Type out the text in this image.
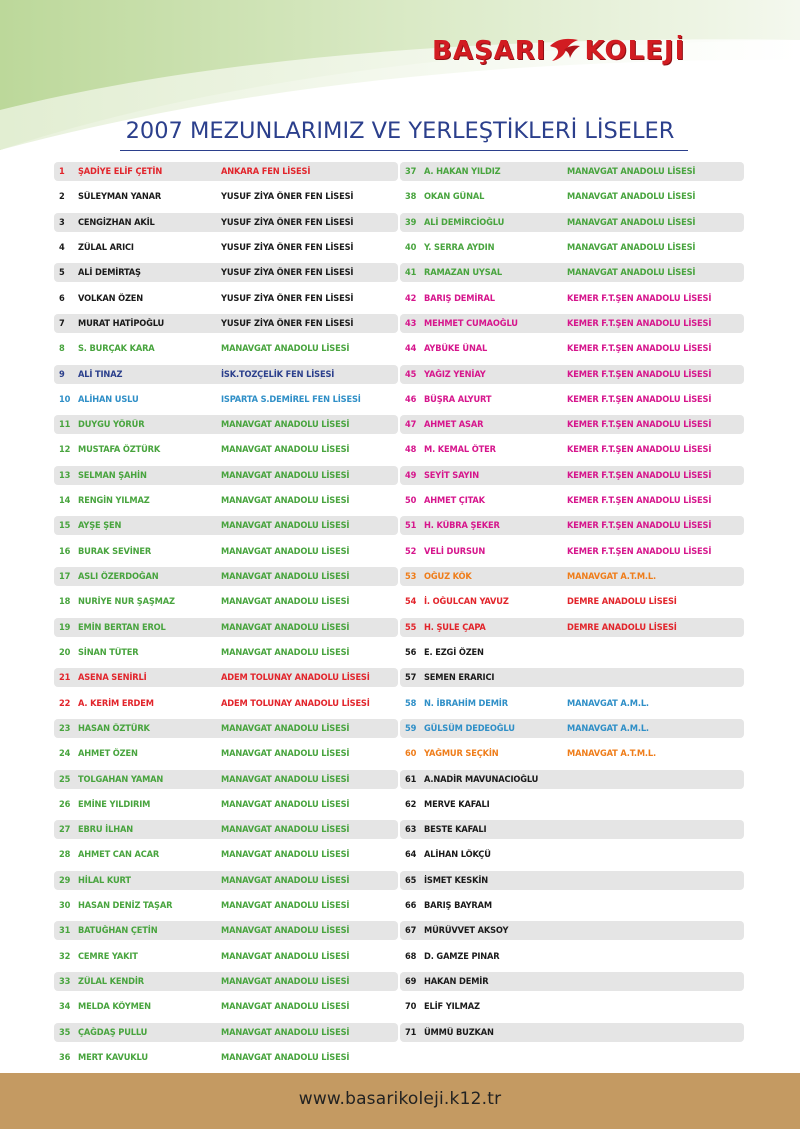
BAŞARI KOLEJİ
2007 MEZUNLARIMIZ VE YERLEŞTİKLERİ LİSELER
1	ŞADİYE ELİF ÇETİN	ANKARA FEN LİSESİ
2	SÜLEYMAN YANAR	YUSUF ZİYA ÖNER FEN LİSESİ
3	CENGİZHAN AKİL	YUSUF ZİYA ÖNER FEN LİSESİ
4	ZÜLAL ARICI	YUSUF ZİYA ÖNER FEN LİSESİ
5	ALİ DEMİRTAŞ	YUSUF ZİYA ÖNER FEN LİSESİ
6	VOLKAN ÖZEN	YUSUF ZİYA ÖNER FEN LİSESİ
7	MURAT HATİPOĞLU	YUSUF ZİYA ÖNER FEN LİSESİ
8	S. BURÇAK KARA	MANAVGAT ANADOLU LİSESİ
9	ALİ TINAZ	İSK.TOZÇELİK FEN LİSESİ
10 ALİHAN USLU	ISPARTA S.DEMİREL FEN LİSESİ
11 DUYGU YÖRÜR	MANAVGAT ANADOLU LİSESİ
12 MUSTAFA ÖZTÜRK	MANAVGAT ANADOLU LİSESİ
13 SELMAN ŞAHİN	MANAVGAT ANADOLU LİSESİ
14 RENGİN YILMAZ	MANAVGAT ANADOLU LİSESİ
15 AYŞE ŞEN	MANAVGAT ANADOLU LİSESİ
16 BURAK SEVİNER	MANAVGAT ANADOLU LİSESİ
17 ASLI ÖZERDOĞAN	MANAVGAT ANADOLU LİSESİ
18 NURİYE NUR ŞAŞMAZ	MANAVGAT ANADOLU LİSESİ
19 EMİN BERTAN EROL	MANAVGAT ANADOLU LİSESİ
20 SİNAN TÜTER	MANAVGAT ANADOLU LİSESİ
21 ASENA SENİRLİ	ADEM TOLUNAY ANADOLU LİSESİ
22 A. KERİM ERDEM	ADEM TOLUNAY ANADOLU LİSESİ
23 HASAN ÖZTÜRK	MANAVGAT ANADOLU LİSESİ
24 AHMET ÖZEN	MANAVGAT ANADOLU LİSESİ
25 TOLGAHAN YAMAN	MANAVGAT ANADOLU LİSESİ
26 EMİNE YILDIRIM	MANAVGAT ANADOLU LİSESİ
27 EBRU İLHAN	MANAVGAT ANADOLU LİSESİ
28 AHMET CAN ACAR	MANAVGAT ANADOLU LİSESİ
29 HİLAL KURT	MANAVGAT ANADOLU LİSESİ
30 HASAN DENİZ TAŞAR	MANAVGAT ANADOLU LİSESİ
31 BATUĞHAN ÇETİN	MANAVGAT ANADOLU LİSESİ
32 CEMRE YAKIT	MANAVGAT ANADOLU LİSESİ
33 ZÜLAL KENDİR	MANAVGAT ANADOLU LİSESİ
34 MELDA KÖYMEN	MANAVGAT ANADOLU LİSESİ
35 ÇAĞDAŞ PULLU	MANAVGAT ANADOLU LİSESİ
36 MERT KAVUKLU	MANAVGAT ANADOLU LİSESİ
37 A. HAKAN YILDIZ	MANAVGAT ANADOLU LİSESİ
38 OKAN GÜNAL	MANAVGAT ANADOLU LİSESİ
39 ALİ DEMİRCİOĞLU	MANAVGAT ANADOLU LİSESİ
40 Y. SERRA AYDIN	MANAVGAT ANADOLU LİSESİ
41 RAMAZAN UYSAL	MANAVGAT ANADOLU LİSESİ
42 BARIŞ DEMİRAL	KEMER F.T.ŞEN ANADOLU LİSESİ
43 MEHMET CUMAOĞLU	KEMER F.T.ŞEN ANADOLU LİSESİ
44 AYBÜKE ÜNAL	KEMER F.T.ŞEN ANADOLU LİSESİ
45 YAĞIZ YENİAY	KEMER F.T.ŞEN ANADOLU LİSESİ
46 BÜŞRA ALYURT	KEMER F.T.ŞEN ANADOLU LİSESİ
47 AHMET ASAR	KEMER F.T.ŞEN ANADOLU LİSESİ
48 M. KEMAL ÖTER	KEMER F.T.ŞEN ANADOLU LİSESİ
49 SEYİT SAYIN	KEMER F.T.ŞEN ANADOLU LİSESİ
50 AHMET ÇITAK	KEMER F.T.ŞEN ANADOLU LİSESİ
51 H. KÜBRA ŞEKER	KEMER F.T.ŞEN ANADOLU LİSESİ
52 VELİ DURSUN	KEMER F.T.ŞEN ANADOLU LİSESİ
53 OĞUZ KÖK	MANAVGAT A.T.M.L.
54 İ. OĞULCAN YAVUZ	DEMRE ANADOLU LİSESİ
55 H. ŞULE ÇAPA	DEMRE ANADOLU LİSESİ
56 E. EZGİ ÖZEN
57 SEMEN ERARICI
58 N. İBRAHİM DEMİR	MANAVGAT A.M.L.
59 GÜLSÜM DEDEOĞLU	MANAVGAT A.M.L.
60 YAĞMUR SEÇKİN	MANAVGAT A.T.M.L.
61 A.NADİR MAVUNACIOĞLU
62 MERVE KAFALI
63 BESTE KAFALI
64 ALİHAN LÖKÇÜ
65 İSMET KESKİN
66 BARIŞ BAYRAM
67 MÜRÜVVET AKSOY
68 D. GAMZE PINAR
69 HAKAN DEMİR
70 ELİF YILMAZ
71 ÜMMÜ BUZKAN
www.basarikoleji.k12.tr
